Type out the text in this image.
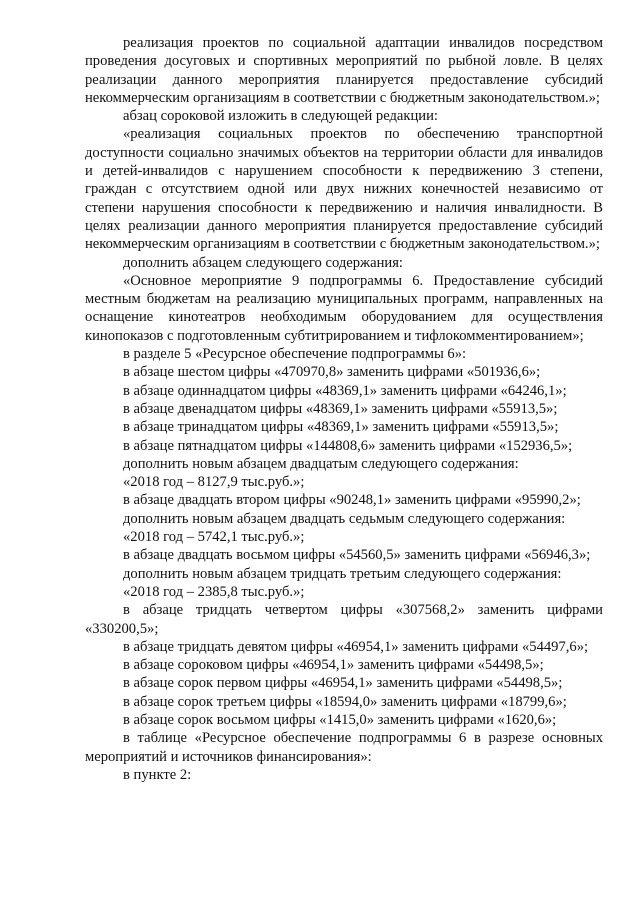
реализация проектов по социальной адаптации инвалидов посредством проведения досуговых и спортивных мероприятий по рыбной ловле. В целях реализации данного мероприятия планируется предоставление субсидий некоммерческим организациям в соответствии с бюджетным законодательством.»;

абзац сороковой изложить в следующей редакции:

«реализация социальных проектов по обеспечению транспортной доступности социально значимых объектов на территории области для инвалидов и детей-инвалидов с нарушением способности к передвижению 3 степени, граждан с отсутствием одной или двух нижних конечностей независимо от степени нарушения способности к передвижению и наличия инвалидности. В целях реализации данного мероприятия планируется предоставление субсидий некоммерческим организациям в соответствии с бюджетным законодательством.»;

дополнить абзацем следующего содержания:

«Основное мероприятие 9 подпрограммы 6. Предоставление субсидий местным бюджетам на реализацию муниципальных программ, направленных на оснащение кинотеатров необходимым оборудованием для осуществления кинопоказов с подготовленным субтитрированием и тифлокомментированием»;

в разделе 5 «Ресурсное обеспечение подпрограммы 6»:

в абзаце шестом цифры «470970,8» заменить цифрами «501936,6»;

в абзаце одиннадцатом цифры «48369,1» заменить цифрами «64246,1»;

в абзаце двенадцатом цифры «48369,1» заменить цифрами «55913,5»;

в абзаце тринадцатом цифры «48369,1» заменить цифрами «55913,5»;

в абзаце пятнадцатом цифры «144808,6» заменить цифрами «152936,5»;

дополнить новым абзацем двадцатым следующего содержания:

«2018 год – 8127,9 тыс.руб.»;

в абзаце двадцать втором цифры «90248,1» заменить цифрами «95990,2»;

дополнить новым абзацем двадцать седьмым следующего содержания:

«2018 год – 5742,1 тыс.руб.»;

в абзаце двадцать восьмом цифры «54560,5» заменить цифрами «56946,3»;

дополнить новым абзацем тридцать третьим следующего содержания:

«2018 год – 2385,8 тыс.руб.»;

в абзаце тридцать четвертом цифры «307568,2» заменить цифрами «330200,5»;

в абзаце тридцать девятом цифры «46954,1» заменить цифрами «54497,6»;

в абзаце сороковом цифры «46954,1» заменить цифрами «54498,5»;

в абзаце сорок первом цифры «46954,1» заменить цифрами «54498,5»;

в абзаце сорок третьем цифры «18594,0» заменить цифрами «18799,6»;

в абзаце сорок восьмом цифры «1415,0» заменить цифрами «1620,6»;

в таблице «Ресурсное обеспечение подпрограммы 6 в разрезе основных мероприятий и источников финансирования»:

в пункте 2:
